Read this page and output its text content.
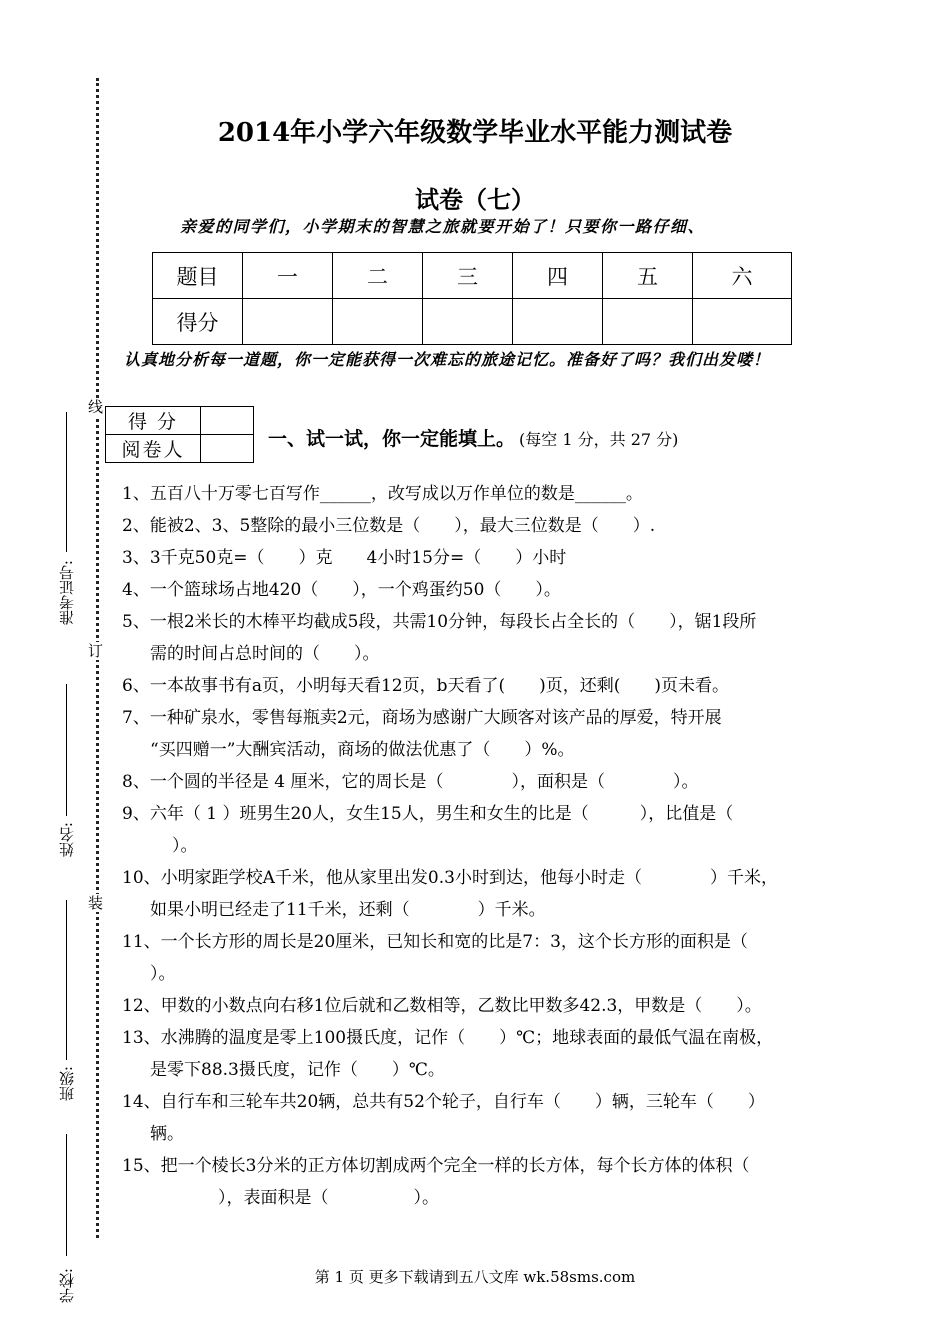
线
订
装
准考证号:
姓名:
班级:
学校:
2014年小学六年级数学毕业水平能力测试卷
试卷（七）
亲爱的同学们，小学期末的智慧之旅就要开始了！只要你一路仔细、
题目	一	二	三	四	五	六
得分						
认真地分析每一道题，你一定能获得一次难忘的旅途记忆。准备好了吗？我们出发喽！
得 分	
阅卷人		一、试一试，你一定能填上。 (每空 1 分，共 27 分)
1、五百八十万零七百写作______，改写成以万作单位的数是______。
2、能被2、3、5整除的最小三位数是（　　），最大三位数是（　　）.
3、3千克50克=（　　）克　　4小时15分=（　　）小时
4、一个篮球场占地420（　　），一个鸡蛋约50（　　）。
5、一根2米长的木棒平均截成5段，共需10分钟，每段长占全长的（　　），锯1段所
需的时间占总时间的（　　）。
6、一本故事书有a页，小明每天看12页，b天看了(　　)页，还剩(　　)页未看。
7、一种矿泉水，零售每瓶卖2元，商场为感谢广大顾客对该产品的厚爱，特开展
“买四赠一”大酬宾活动，商场的做法优惠了（　　）%。
8、一个圆的半径是 4 厘米，它的周长是（　　　　），面积是（　　　　）。
9、六年（ 1 ）班男生20人，女生15人，男生和女生的比是（　　　），比值是（
）。
10、小明家距学校A千米，他从家里出发0.3小时到达，他每小时走（　　　　）千米，
如果小明已经走了11千米，还剩（　　　　）千米。
11、一个长方形的周长是20厘米，已知长和宽的比是7：3，这个长方形的面积是（
）。
12、甲数的小数点向右移1位后就和乙数相等，乙数比甲数多42.3，甲数是（　　）。
13、水沸腾的温度是零上100摄氏度，记作（　　）℃；地球表面的最低气温在南极，
是零下88.3摄氏度，记作（　　）℃。
14、自行车和三轮车共20辆，总共有52个轮子，自行车（　　）辆，三轮车（　　）
辆。
15、把一个棱长3分米的正方体切割成两个完全一样的长方体，每个长方体的体积（
　　　　），表面积是（　　　　　）。
第 1 页 更多下载请到五八文库 wk.58sms.com
